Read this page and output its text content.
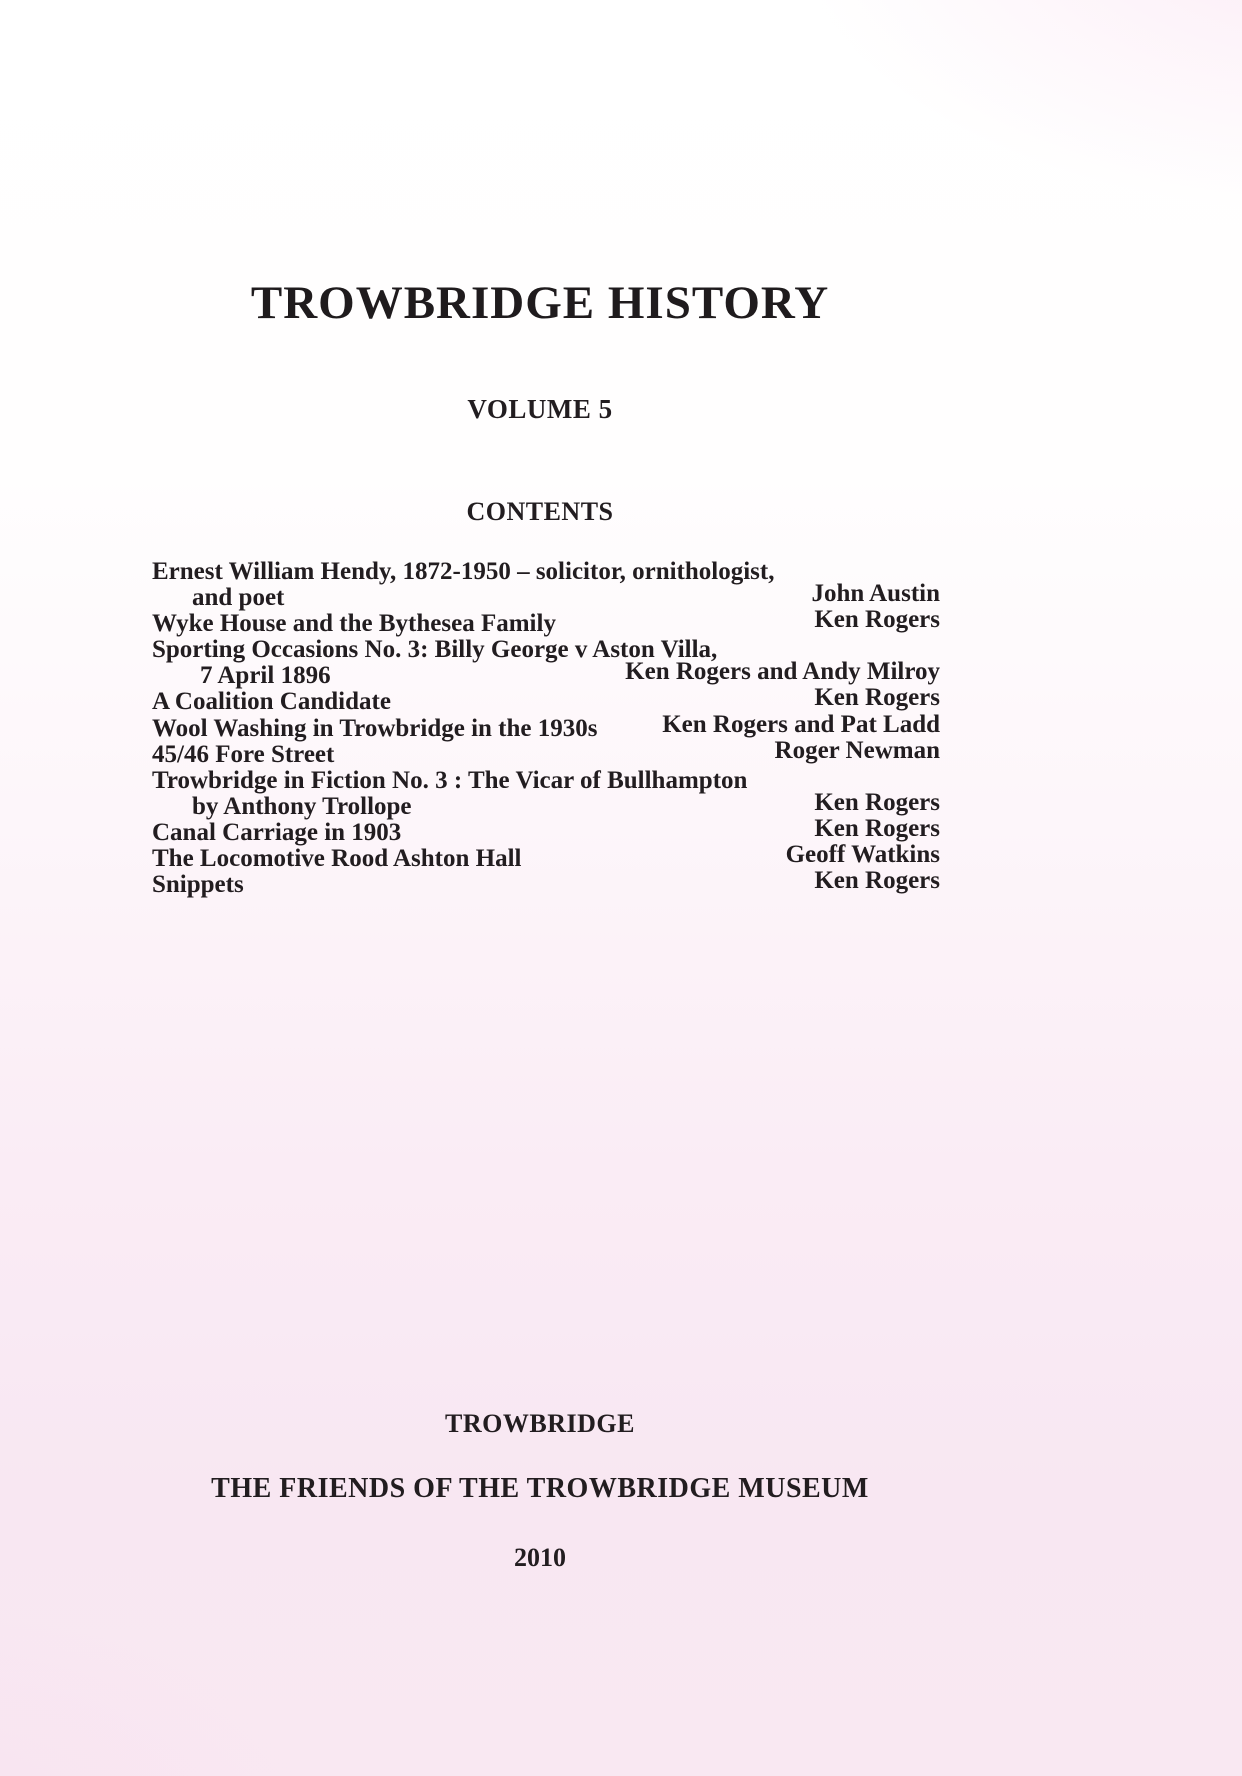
TROWBRIDGE HISTORY
VOLUME 5
CONTENTS
Ernest William Hendy, 1872-1950 – solicitor, ornithologist,
and poet	John Austin
Wyke House and the Bythesea Family	Ken Rogers
Sporting Occasions No. 3: Billy George v Aston Villa,
7 April 1896	Ken Rogers and Andy Milroy
A Coalition Candidate	Ken Rogers
Wool Washing in Trowbridge in the 1930s	Ken Rogers and Pat Ladd
45/46 Fore Street	Roger Newman
Trowbridge in Fiction No. 3 : The Vicar of Bullhampton
by Anthony Trollope	Ken Rogers
Canal Carriage in 1903	Ken Rogers
The Locomotive Rood Ashton Hall	Geoff Watkins
Snippets	Ken Rogers
TROWBRIDGE
THE FRIENDS OF THE TROWBRIDGE MUSEUM
2010
